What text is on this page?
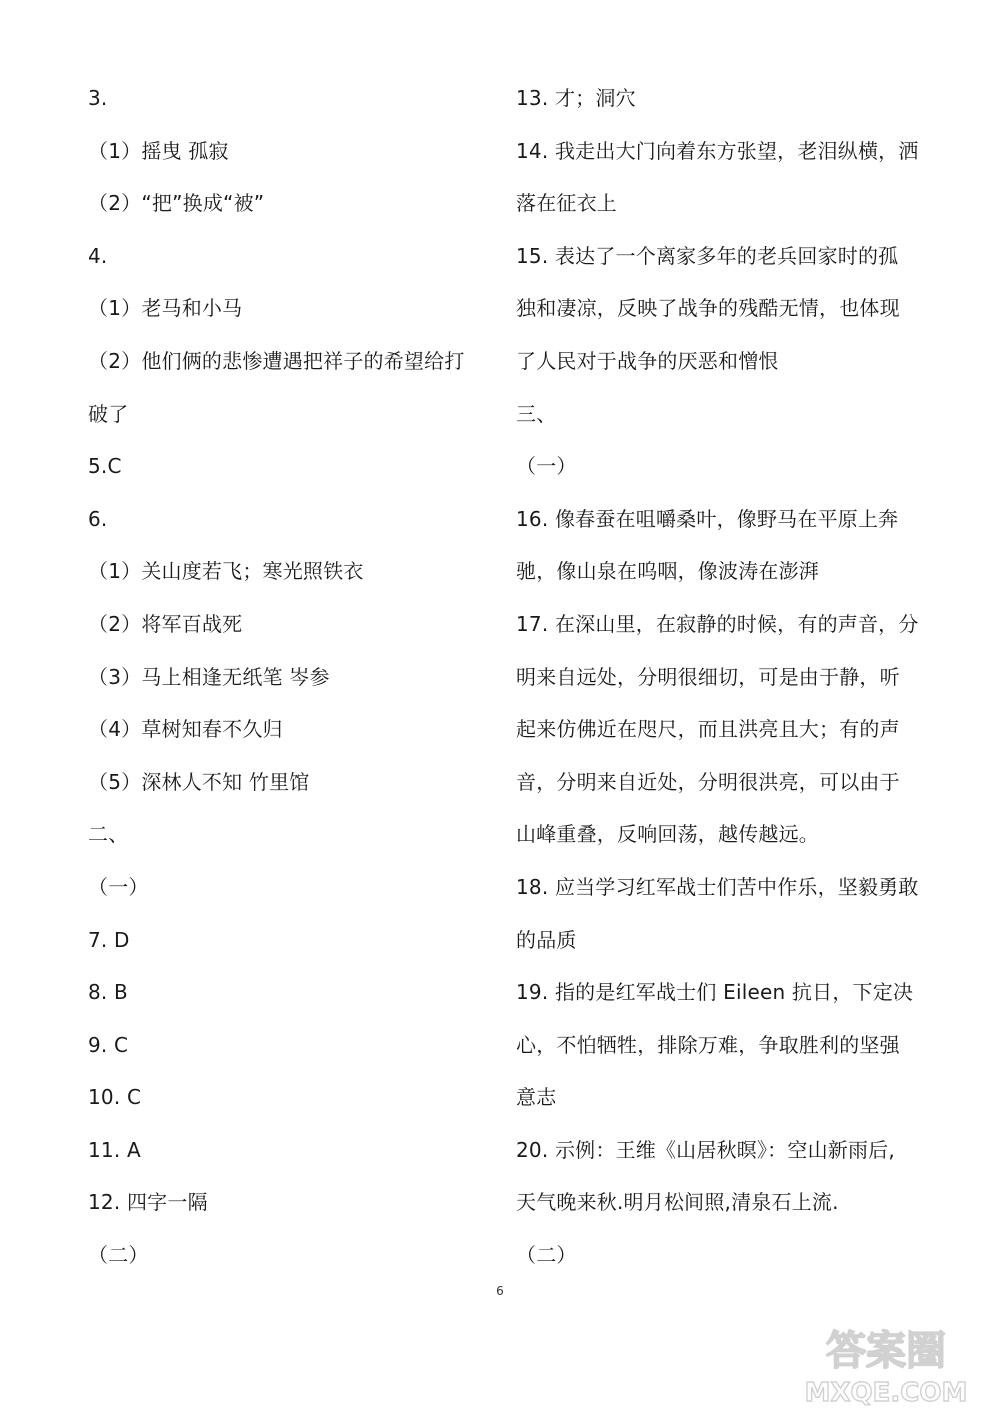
3.
（1）摇曳 孤寂
（2）“把”换成“被”
4.
（1）老马和小马
（2）他们俩的悲惨遭遇把祥子的希望给打
破了
5.C
6.
（1）关山度若飞；寒光照铁衣
（2）将军百战死
（3）马上相逢无纸笔 岑参
（4）草树知春不久归
（5）深林人不知 竹里馆
二、
（一）
7. D
8. B
9. C
10. C
11. A
12. 四字一隔
（二）
13. 才；洞穴
14. 我走出大门向着东方张望，老泪纵横，洒
落在征衣上
15. 表达了一个离家多年的老兵回家时的孤
独和凄凉，反映了战争的残酷无情，也体现
了人民对于战争的厌恶和憎恨
三、
（一）
16. 像春蚕在咀嚼桑叶，像野马在平原上奔
驰，像山泉在呜咽，像波涛在澎湃
17. 在深山里，在寂静的时候，有的声音，分
明来自远处，分明很细切，可是由于静，听
起来仿佛近在咫尺，而且洪亮且大；有的声
音，分明来自近处，分明很洪亮，可以由于
山峰重叠，反响回荡，越传越远。
18. 应当学习红军战士们苦中作乐，坚毅勇敢
的品质
19. 指的是红军战士们 Eileen 抗日，下定决
心，不怕牺牲，排除万难，争取胜利的坚强
意志
20. 示例：王维《山居秋暝》：空山新雨后,
天气晚来秋.明月松间照,清泉石上流.
（二）
6
答案圈
MXQE.COM
